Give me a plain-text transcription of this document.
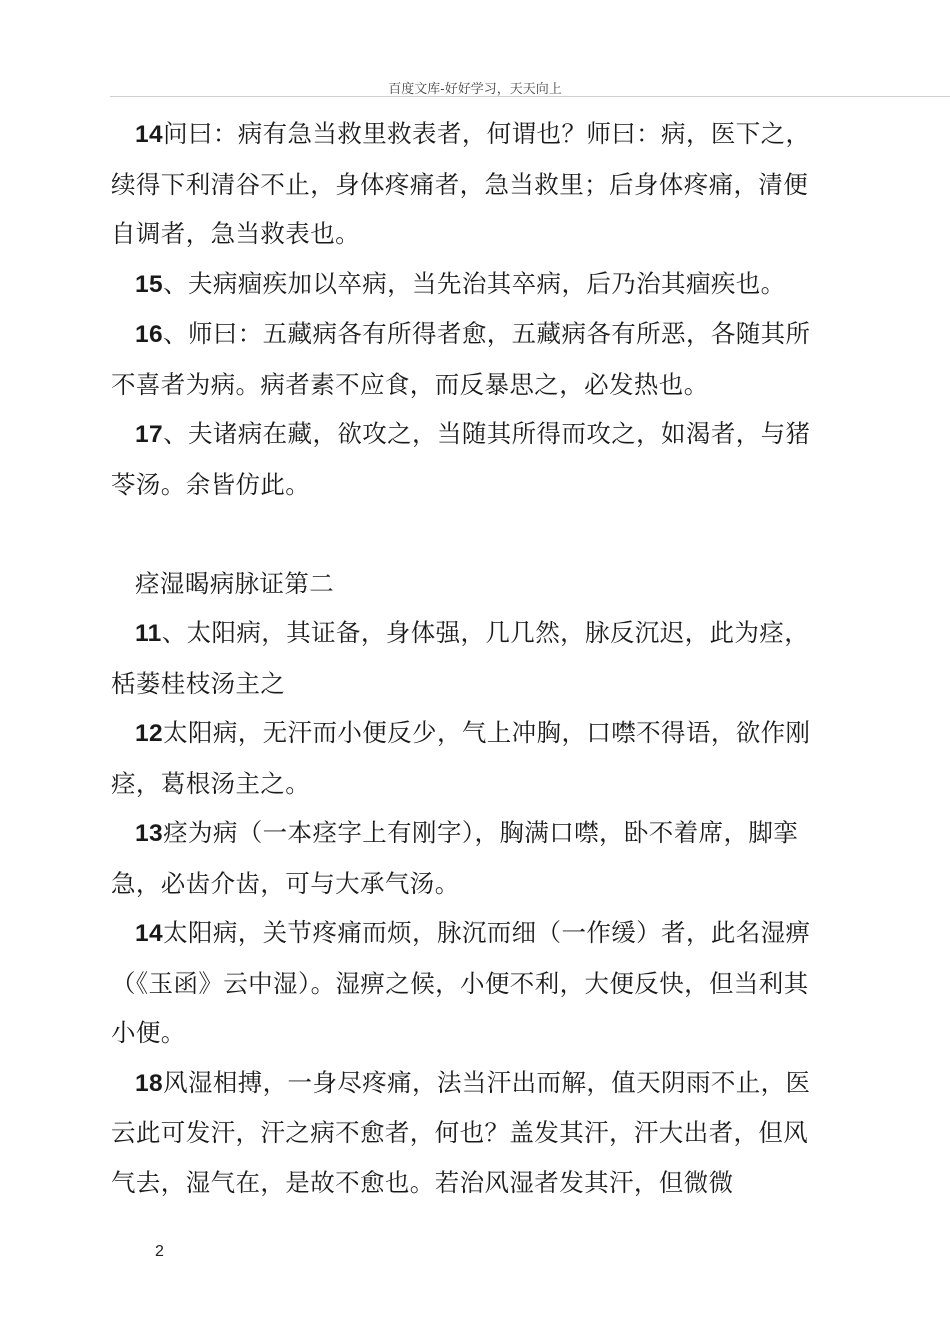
百度文库-好好学习，天天向上

14问曰：病有急当救里救表者，何谓也？师曰：病，医下之，续得下利清谷不止，身体疼痛者，急当救里；后身体疼痛，清便自调者，急当救表也。

15、夫病痼疾加以卒病，当先治其卒病，后乃治其痼疾也。

16、师曰：五藏病各有所得者愈，五藏病各有所恶，各随其所不喜者为病。病者素不应食，而反暴思之，必发热也。

17、夫诸病在藏，欲攻之，当随其所得而攻之，如渴者，与猪苓汤。余皆仿此。

痉湿暍病脉证第二

11、太阳病，其证备，身体强，几几然，脉反沉迟，此为痉，栝蒌桂枝汤主之

12太阳病，无汗而小便反少，气上冲胸，口噤不得语，欲作刚痉，葛根汤主之。

13痉为病（一本痉字上有刚字），胸满口噤，卧不着席，脚挛急，必齿介齿，可与大承气汤。

14太阳病，关节疼痛而烦，脉沉而细（一作缓）者，此名湿痹（《玉函》云中湿）。湿痹之候，小便不利，大便反快，但当利其小便。

18风湿相搏，一身尽疼痛，法当汗出而解，值天阴雨不止，医云此可发汗，汗之病不愈者，何也？盖发其汗，汗大出者，但风气去，湿气在，是故不愈也。若治风湿者发其汗，但微微

2
